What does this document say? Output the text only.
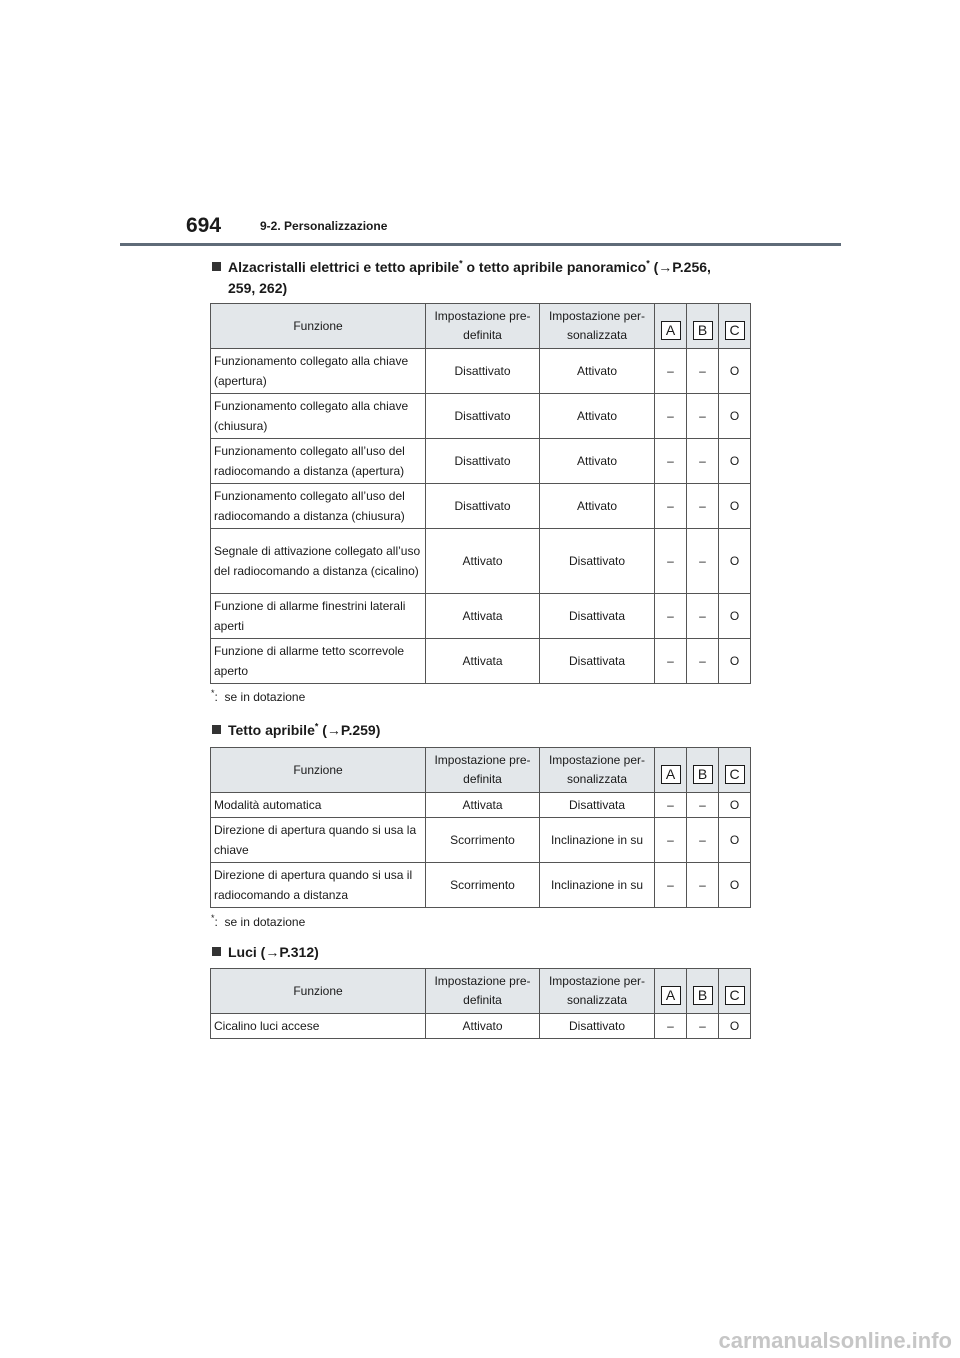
694	9-2. Personalizzazione
Alzacristalli elettrici e tetto apribile* o tetto apribile panoramico* (→P.256,
259, 262)
Funzione	Impostazione pre-definita	Impostazione per-sonalizzata	A	B	C
Funzionamento collegato alla chiave (apertura)	Disattivato	Attivato	–	–	O
Funzionamento collegato alla chiave (chiusura)	Disattivato	Attivato	–	–	O
Funzionamento collegato all’uso del radiocomando a distanza (apertura)	Disattivato	Attivato	–	–	O
Funzionamento collegato all’uso del radiocomando a distanza (chiusura)	Disattivato	Attivato	–	–	O
Segnale di attivazione collegato all’uso del radiocomando a distanza (cicalino)	Attivato	Disattivato	–	–	O
Funzione di allarme finestrini laterali aperti	Attivata	Disattivata	–	–	O
Funzione di allarme tetto scorrevole aperto	Attivata	Disattivata	–	–	O
*:  se in dotazione
Tetto apribile* (→P.259)
Funzione	Impostazione pre-definita	Impostazione per-sonalizzata	A	B	C
Modalità automatica	Attivata	Disattivata	–	–	O
Direzione di apertura quando si usa la chiave	Scorrimento	Inclinazione in su	–	–	O
Direzione di apertura quando si usa il radiocomando a distanza	Scorrimento	Inclinazione in su	–	–	O
*:  se in dotazione
Luci (→P.312)
Funzione	Impostazione pre-definita	Impostazione per-sonalizzata	A	B	C
Cicalino luci accese	Attivato	Disattivato	–	–	O
carmanualsonline.info
